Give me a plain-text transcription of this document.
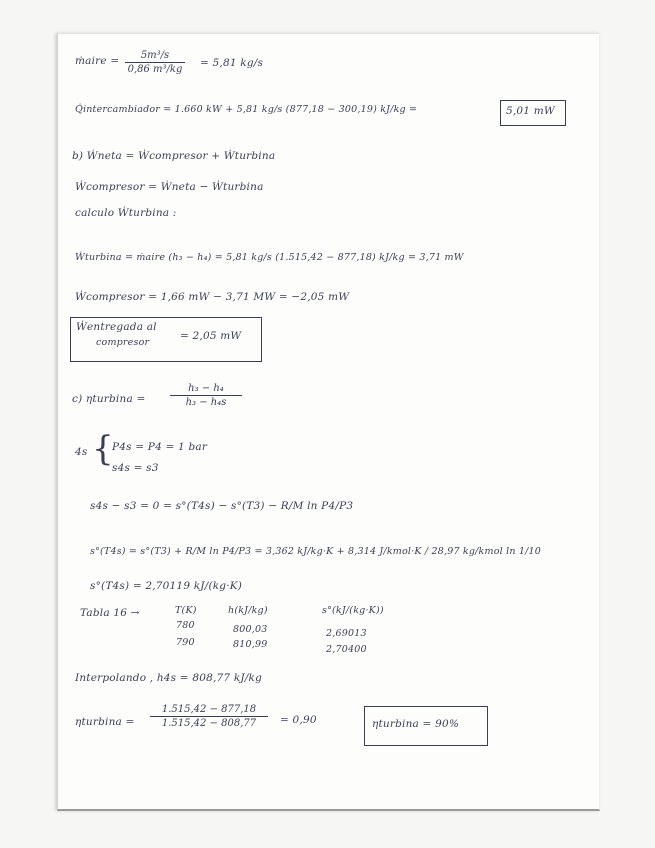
ṁaire = 5m³/s
0,86 m³/kg
= 5,81 kg/s
Q̇intercambiador = 1.660 kW + 5,81 kg/s (877,18 − 300,19) kJ/kg =	5,01 mW
b) Ẇneta = Ẇcompresor + Ẇturbina
Ẇcompresor = Ẇneta − Ẇturbina
calculo Ẇturbina :
Ẇturbina = ṁaire (h₃ − h₄) = 5,81 kg/s (1.515,42 − 877,18) kJ/kg = 3,71 mW
Ẇcompresor = 1,66 mW − 3,71 MW = −2,05 mW
Ẇentregada al
compresor
= 2,05 mW
c) ηturbina =
h₃ − h₄
h₃ − h₄s
4s {
P4s = P4 = 1 bar
s4s = s3
s4s − s3 = 0 = s°(T4s) − s°(T3) − R/M ln P4/P3
s°(T4s) = s°(T3) + R/M ln P4/P3 = 3,362 kJ/kg·K + 8,314 J/kmol·K / 28,97 kg/kmol ln 1/10
s°(T4s) = 2,70119 kJ/(kg·K)
Tabla 16 →	T(K)	h(kJ/kg)	s°(kJ/(kg·K))
780	800,03	2,69013
790	810,99	2,70400
Interpolando , h4s = 808,77 kJ/kg
ηturbina =
1.515,42 − 877,18
1.515,42 − 808,77 = 0,90	ηturbina = 90%
